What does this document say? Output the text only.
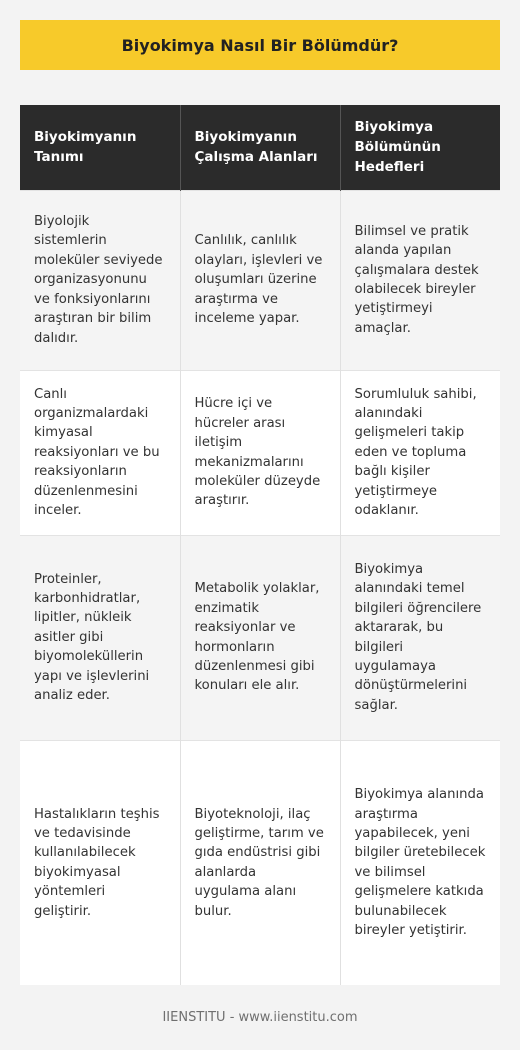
Biyokimya Nasıl Bir Bölümdür?
Biyokimyanın Tanımı	Biyokimyanın Çalışma Alanları	Biyokimya Bölümünün Hedefleri
Biyolojik sistemlerin moleküler seviyede organizasyonunu ve fonksiyonlarını araştıran bir bilim dalıdır.	Canlılık, canlılık olayları, işlevleri ve oluşumları üzerine araştırma ve inceleme yapar.	Bilimsel ve pratik alanda yapılan çalışmalara destek olabilecek bireyler yetiştirmeyi amaçlar.
Canlı organizmalardaki kimyasal reaksiyonları ve bu reaksiyonların düzenlenmesini inceler.	Hücre içi ve hücreler arası iletişim mekanizmalarını moleküler düzeyde araştırır.	Sorumluluk sahibi, alanındaki gelişmeleri takip eden ve topluma bağlı kişiler yetiştirmeye odaklanır.
Proteinler, karbonhidratlar, lipitler, nükleik asitler gibi biyomoleküllerin yapı ve işlevlerini analiz eder.	Metabolik yolaklar, enzimatik reaksiyonlar ve hormonların düzenlenmesi gibi konuları ele alır.	Biyokimya alanındaki temel bilgileri öğrencilere aktararak, bu bilgileri uygulamaya dönüştürmelerini sağlar.
Hastalıkların teşhis ve tedavisinde kullanılabilecek biyokimyasal yöntemleri geliştirir.	Biyoteknoloji, ilaç geliştirme, tarım ve gıda endüstrisi gibi alanlarda uygulama alanı bulur.	Biyokimya alanında araştırma yapabilecek, yeni bilgiler üretebilecek ve bilimsel gelişmelere katkıda bulunabilecek bireyler yetiştirir.
IIENSTITU - www.iienstitu.com
